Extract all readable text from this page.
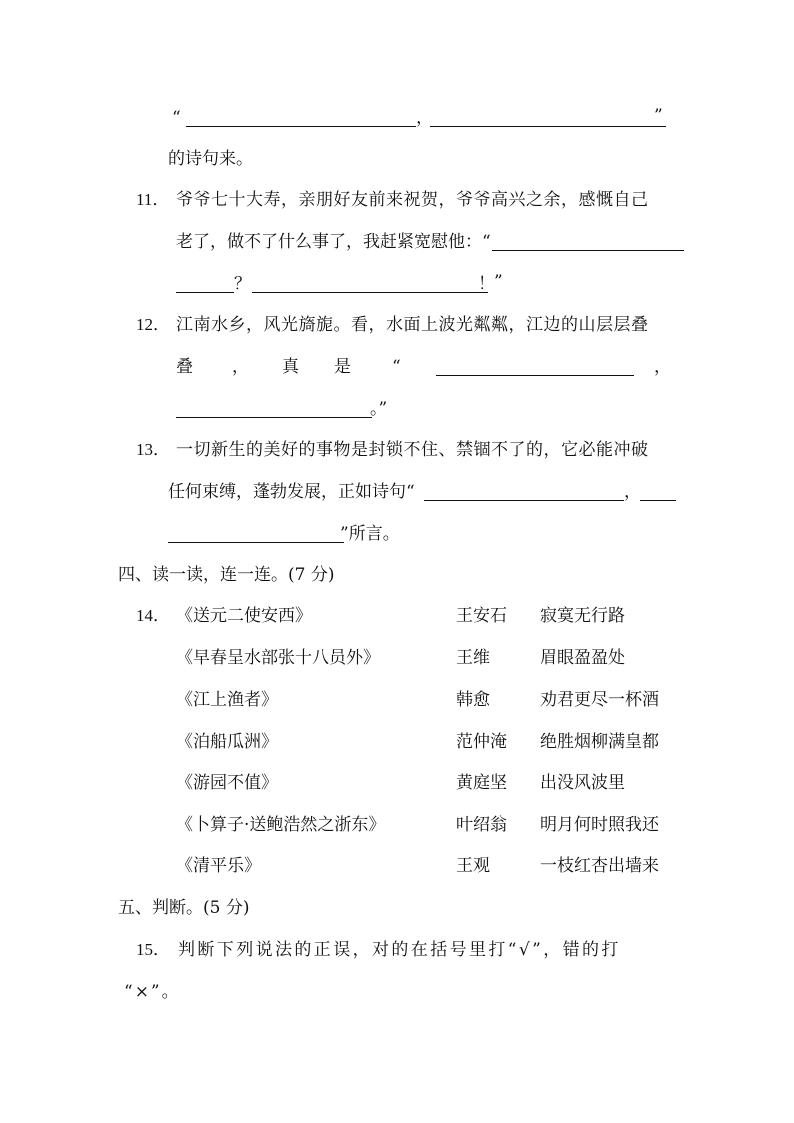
“	，	”
的诗句来。
11． 爷爷七十大寿，亲朋好友前来祝贺，爷爷高兴之余，感慨自己
老了，做不了什么事了，我赶紧宽慰他：“
？	！ ”
12． 江南水乡，风光旖旎。看，水面上波光粼粼，江边的山层层叠
叠 ， 真 是 “	，
。”
13． 一切新生的美好的事物是封锁不住、禁锢不了的，它必能冲破
任何束缚，蓬勃发展，正如诗句“	，
”所言。
四、读一读，连一连。(7 分)
14． 《送元二使安西》	王安石 寂寞无行路
《早春呈水部张十八员外》	王维	眉眼盈盈处
《江上渔者》	韩愈	劝君更尽一杯酒
《泊船瓜洲》	范仲淹 绝胜烟柳满皇都
《游园不值》	黄庭坚 出没风波里
《卜算子·送鲍浩然之浙东》	叶绍翁 明月何时照我还
《清平乐》	王观	一枝红杏出墙来
五、判断。(5 分)
15． 判断下列说法的正误，对的在括号里打“√”，错的打
“×”。
